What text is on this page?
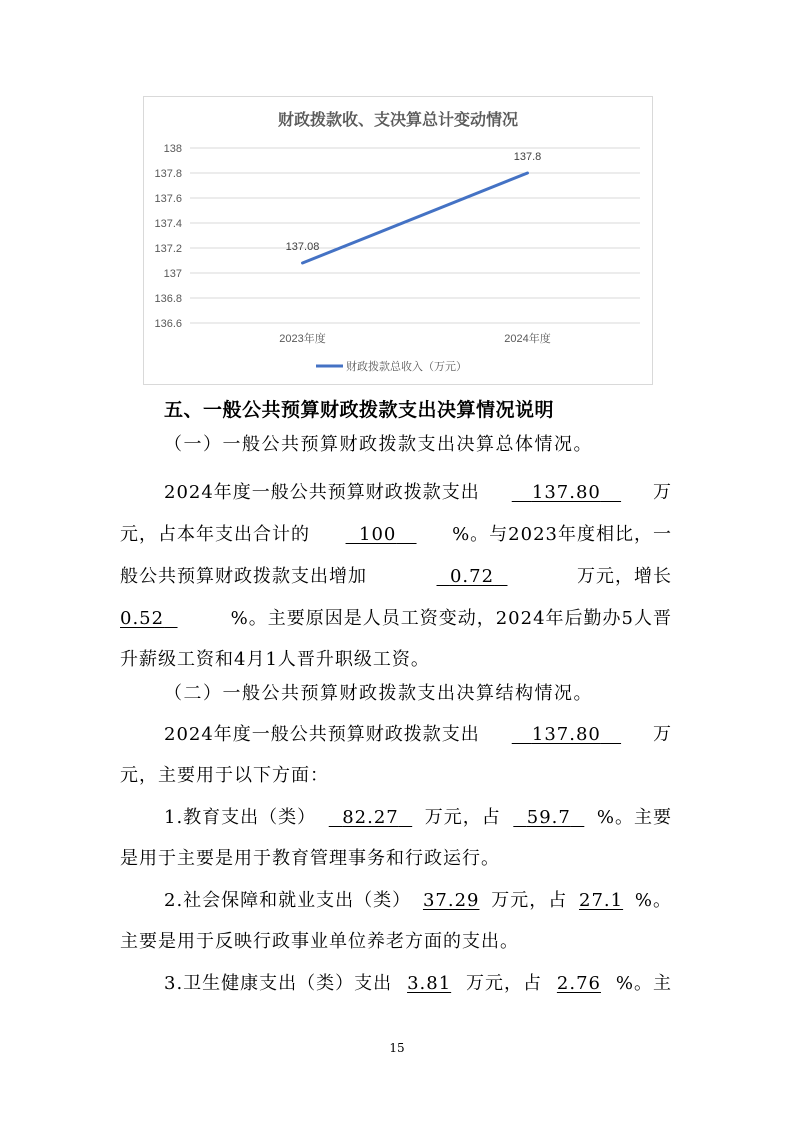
财政拨款收、支决算总计变动情况
136.6
136.8
137
137.2
137.4
137.6
137.8
138
2023年度	2024年度
137.08
137.8
财政拨款总收入（万元）
五、一般公共预算财政拨款支出决算情况说明
（一）一般公共预算财政拨款支出决算总体情况。
2024年度一般公共预算财政拨款支出	137.80	万
元，占本年支出合计的	100	%。与2023年度相比，一
般公共预算财政拨款支出增加	0.72	万元，增长
0.52	%。主要原因是人员工资变动，2024年后勤办5人晋
升薪级工资和4月1人晋升职级工资。
（二）一般公共预算财政拨款支出决算结构情况。
2024年度一般公共预算财政拨款支出	137.80	万
元，主要用于以下方面：
1.教育支出（类）	82.27	万元，占	59.7	%。主要
是用于主要是用于教育管理事务和行政运行。
2.社会保障和就业支出（类） 37.29 万元，占 27.1 %。
主要是用于反映行政事业单位养老方面的支出。
3.卫生健康支出（类）支出 3.81 万元，占 2.76 %。主
15
